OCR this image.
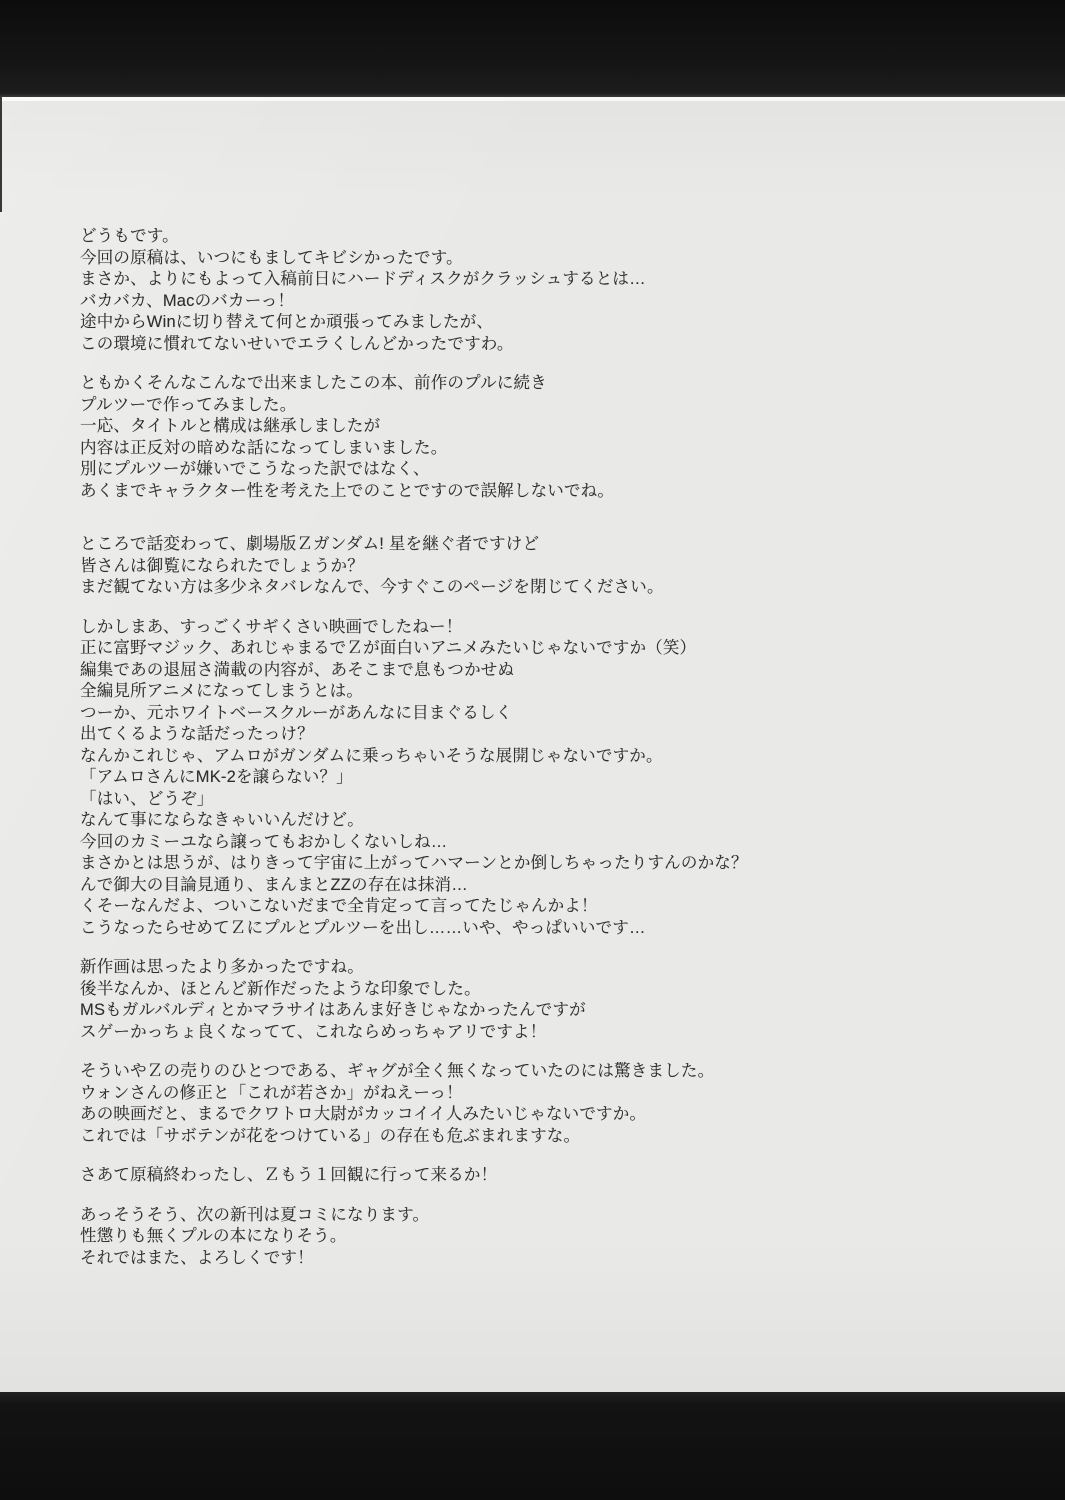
どうもです。
今回の原稿は、いつにもましてキビシかったです。
まさか、よりにもよって入稿前日にハードディスクがクラッシュするとは…
バカバカ、Macのバカーっ！
途中からWinに切り替えて何とか頑張ってみましたが、
この環境に慣れてないせいでエラくしんどかったですわ。
ともかくそんなこんなで出来ましたこの本、前作のプルに続き
プルツーで作ってみました。
一応、タイトルと構成は継承しましたが
内容は正反対の暗めな話になってしまいました。
別にプルツーが嫌いでこうなった訳ではなく、
あくまでキャラクター性を考えた上でのことですので誤解しないでね。
ところで話変わって、劇場版Ｚガンダム! 星を継ぐ者ですけど
皆さんは御覧になられたでしょうか？
まだ観てない方は多少ネタバレなんで、今すぐこのページを閉じてください。
しかしまあ、すっごくサギくさい映画でしたねー！
正に富野マジック、あれじゃまるでＺが面白いアニメみたいじゃないですか（笑）
編集であの退屈さ満載の内容が、あそこまで息もつかせぬ
全編見所アニメになってしまうとは。
つーか、元ホワイトベースクルーがあんなに目まぐるしく
出てくるような話だったっけ？
なんかこれじゃ、アムロがガンダムに乗っちゃいそうな展開じゃないですか。
「アムロさんにMK-2を譲らない？」
「はい、どうぞ」
なんて事にならなきゃいいんだけど。
今回のカミーユなら譲ってもおかしくないしね…
まさかとは思うが、はりきって宇宙に上がってハマーンとか倒しちゃったりすんのかな？
んで御大の目論見通り、まんまとZZの存在は抹消…
くそーなんだよ、ついこないだまで全肯定って言ってたじゃんかよ！
こうなったらせめてＺにプルとプルツーを出し……いや、やっぱいいです…
新作画は思ったより多かったですね。
後半なんか、ほとんど新作だったような印象でした。
MSもガルバルディとかマラサイはあんま好きじゃなかったんですが
スゲーかっちょ良くなってて、これならめっちゃアリですよ！
そういやＺの売りのひとつである、ギャグが全く無くなっていたのには驚きました。
ウォンさんの修正と「これが若さか」がねえーっ！
あの映画だと、まるでクワトロ大尉がカッコイイ人みたいじゃないですか。
これでは「サボテンが花をつけている」の存在も危ぶまれますな。
さあて原稿終わったし、Ｚもう１回観に行って来るか！
あっそうそう、次の新刊は夏コミになります。
性懲りも無くプルの本になりそう。
それではまた、よろしくです！
